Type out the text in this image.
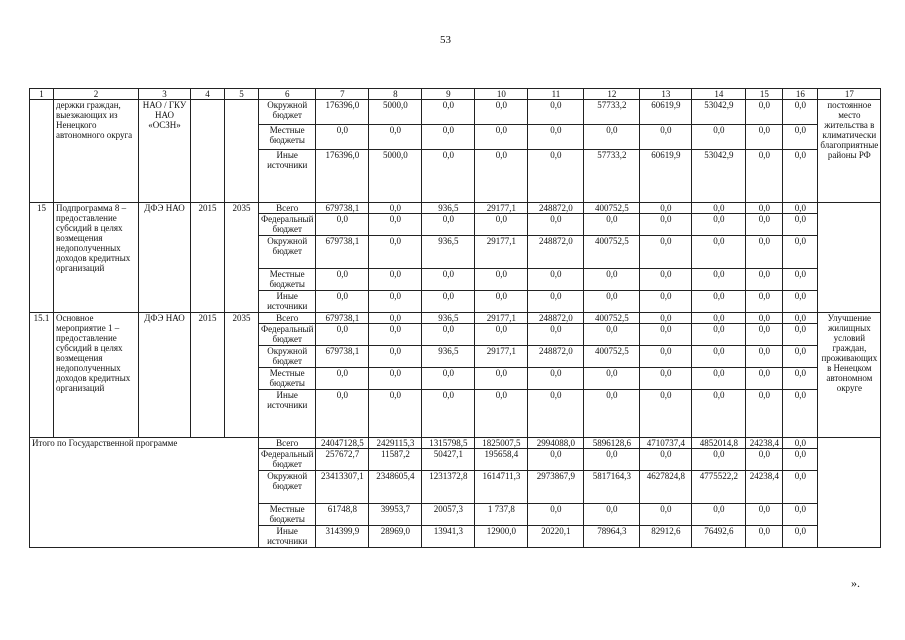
53
1	2	3	4	5	6	7	8	9	10	11	12	13	14	15	16	17
	держки граждан, выезжающих из Ненецкого автономного округа	НАО / ГКУ НАО «ОСЗН»			Окружной бюджет	176396,0	5000,0	0,0	0,0	0,0	57733,2	60619,9	53042,9	0,0	0,0	постоянное место жительства в климатически благоприятные районы РФ
					Местные бюджеты	0,0	0,0	0,0	0,0	0,0	0,0	0,0	0,0	0,0	0,0	
					Иные источники	176396,0	5000,0	0,0	0,0	0,0	57733,2	60619,9	53042,9	0,0	0,0	
15	Подпрограмма 8 – предоставление субсидий в целях возмещения недополученных доходов кредитных организаций	ДФЭ НАО	2015	2035	Всего	679738,1	0,0	936,5	29177,1	248872,0	400752,5	0,0	0,0	0,0	0,0	
					Федеральный бюджет	0,0	0,0	0,0	0,0	0,0	0,0	0,0	0,0	0,0	0,0	
					Окружной бюджет	679738,1	0,0	936,5	29177,1	248872,0	400752,5	0,0	0,0	0,0	0,0	
					Местные бюджеты	0,0	0,0	0,0	0,0	0,0	0,0	0,0	0,0	0,0	0,0	
					Иные источники	0,0	0,0	0,0	0,0	0,0	0,0	0,0	0,0	0,0	0,0	
15.1	Основное мероприятие 1 – предоставление субсидий в целях возмещения недополученных доходов кредитных организаций	ДФЭ НАО	2015	2035	Всего	679738,1	0,0	936,5	29177,1	248872,0	400752,5	0,0	0,0	0,0	0,0	Улучшение жилищных условий граждан, проживающих в Ненецком автономном округе
					Федеральный бюджет	0,0	0,0	0,0	0,0	0,0	0,0	0,0	0,0	0,0	0,0	
					Окружной бюджет	679738,1	0,0	936,5	29177,1	248872,0	400752,5	0,0	0,0	0,0	0,0	
					Местные бюджеты	0,0	0,0	0,0	0,0	0,0	0,0	0,0	0,0	0,0	0,0	
					Иные источники	0,0	0,0	0,0	0,0	0,0	0,0	0,0	0,0	0,0	0,0	
Итого по Государственной программе					Всего	24047128,5	2429115,3	1315798,5	1825007,5	2994088,0	5896128,6	4710737,4	4852014,8	24238,4	0,0	
					Федеральный бюджет	257672,7	11587,2	50427,1	195658,4	0,0	0,0	0,0	0,0	0,0	0,0	
					Окружной бюджет	23413307,1	2348605,4	1231372,8	1614711,3	2973867,9	5817164,3	4627824,8	4775522,2	24238,4	0,0	
					Местные бюджеты	61748,8	39953,7	20057,3	1 737,8	0,0	0,0	0,0	0,0	0,0	0,0	
					Иные источники	314399,9	28969,0	13941,3	12900,0	20220,1	78964,3	82912,6	76492,6	0,0	0,0	
».
